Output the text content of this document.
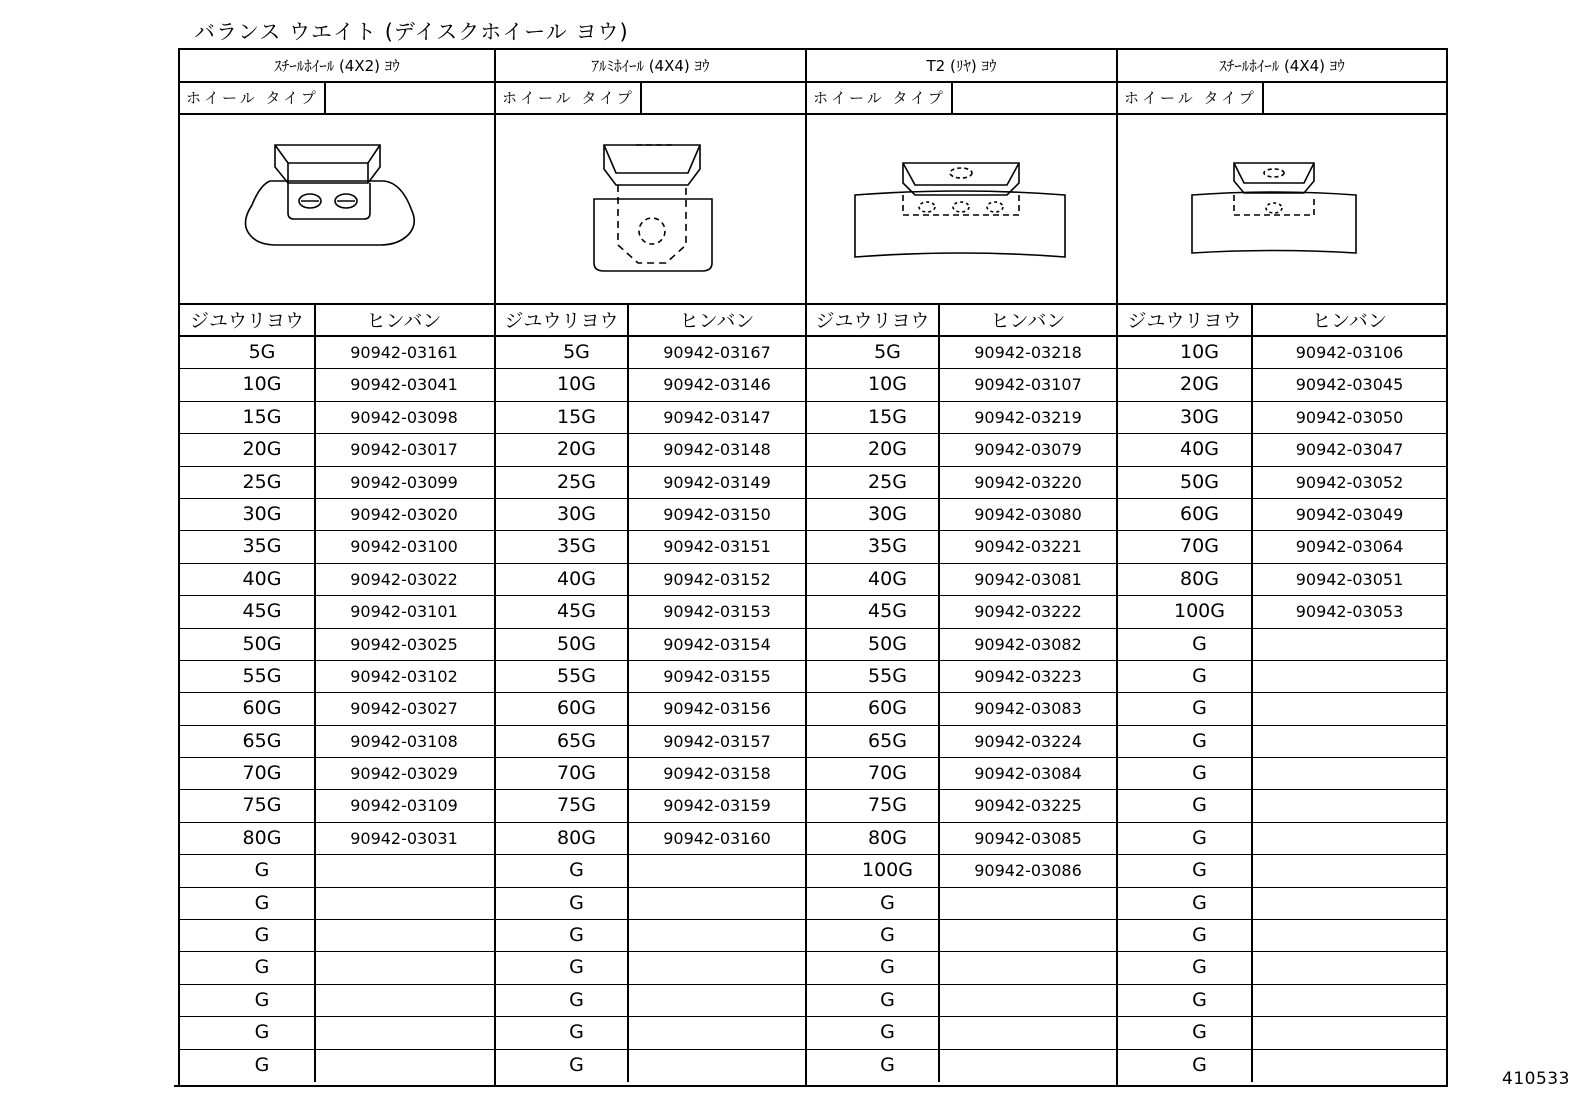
バランス ウエイト (デイスクホイール ヨウ)
ｽﾁｰﾙﾎｲｰﾙ (4X2) ﾖｳ
ホイール タイプ
ジユウリヨウ	ヒンバン
5G	90942-03161
10G	90942-03041
15G	90942-03098
20G	90942-03017
25G	90942-03099
30G	90942-03020
35G	90942-03100
40G	90942-03022
45G	90942-03101
50G	90942-03025
55G	90942-03102
60G	90942-03027
65G	90942-03108
70G	90942-03029
75G	90942-03109
80G	90942-03031
G
G
G
G
G
G
G
ｱﾙﾐﾎｲｰﾙ (4X4) ﾖｳ
ホイール タイプ
ジユウリヨウ	ヒンバン
5G	90942-03167
10G	90942-03146
15G	90942-03147
20G	90942-03148
25G	90942-03149
30G	90942-03150
35G	90942-03151
40G	90942-03152
45G	90942-03153
50G	90942-03154
55G	90942-03155
60G	90942-03156
65G	90942-03157
70G	90942-03158
75G	90942-03159
80G	90942-03160
G
G
G
G
G
G
G
T2 (ﾘﾔ) ﾖｳ
ホイール タイプ
ジユウリヨウ	ヒンバン
5G	90942-03218
10G	90942-03107
15G	90942-03219
20G	90942-03079
25G	90942-03220
30G	90942-03080
35G	90942-03221
40G	90942-03081
45G	90942-03222
50G	90942-03082
55G	90942-03223
60G	90942-03083
65G	90942-03224
70G	90942-03084
75G	90942-03225
80G	90942-03085
100G	90942-03086
G
G
G
G
G
G
ｽﾁｰﾙﾎｲｰﾙ (4X4) ﾖｳ
ホイール タイプ
ジユウリヨウ	ヒンバン
10G	90942-03106
20G	90942-03045
30G	90942-03050
40G	90942-03047
50G	90942-03052
60G	90942-03049
70G	90942-03064
80G	90942-03051
100G	90942-03053
G
G
G
G
G
G
G
G
G
G
G
G
G
G
410533
